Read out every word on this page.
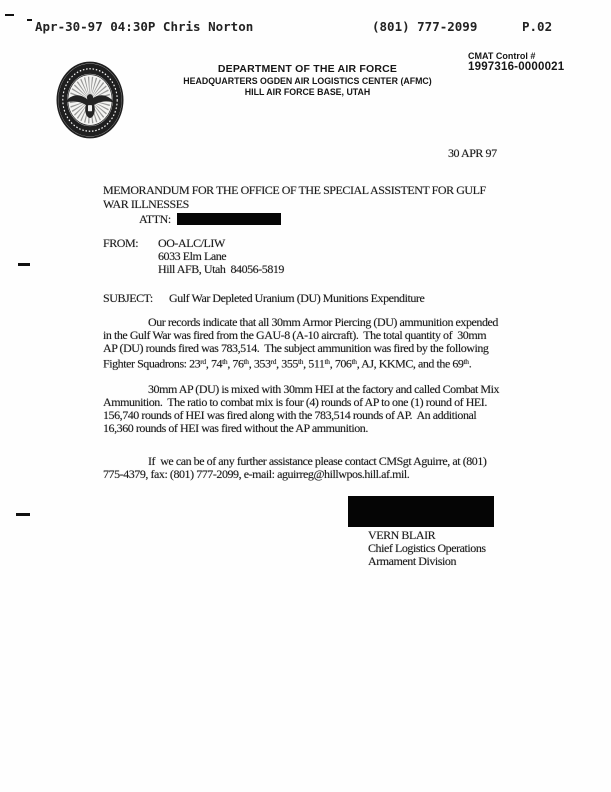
Apr-30-97 04:30P Chris Norton	(801) 777-2099	P.02
CMAT Control #
1997316-0000021
DEPARTMENT OF THE AIR FORCE
HEADQUARTERS OGDEN AIR LOGISTICS CENTER (AFMC)
HILL AIR FORCE BASE, UTAH
30 APR 97
MEMORANDUM FOR THE OFFICE OF THE SPECIAL ASSISTENT FOR GULF
WAR ILLNESSES
ATTN:
FROM: OO-ALC/LIW
6033 Elm Lane
Hill AFB, Utah  84056-5819
SUBJECT: Gulf War Depleted Uranium (DU) Munitions Expenditure
Our records indicate that all 30mm Armor Piercing (DU) ammunition expended
in the Gulf War was fired from the GAU-8 (A-10 aircraft).  The total quantity of  30mm
AP (DU) rounds fired was 783,514.  The subject ammunition was fired by the following
Fighter Squadrons: 23rd, 74th, 76th, 353rd, 355th, 511th, 706th, AJ, KKMC, and the 69th.
30mm AP (DU) is mixed with 30mm HEI at the factory and called Combat Mix
Ammunition.  The ratio to combat mix is four (4) rounds of AP to one (1) round of HEI.
156,740 rounds of HEI was fired along with the 783,514 rounds of AP.  An additional
16,360 rounds of HEI was fired without the AP ammunition.
If  we can be of any further assistance please contact CMSgt Aguirre, at (801)
775-4379, fax: (801) 777-2099, e-mail: aguirreg@hillwpos.hill.af.mil.
VERN BLAIR
Chief Logistics Operations
Armament Division
